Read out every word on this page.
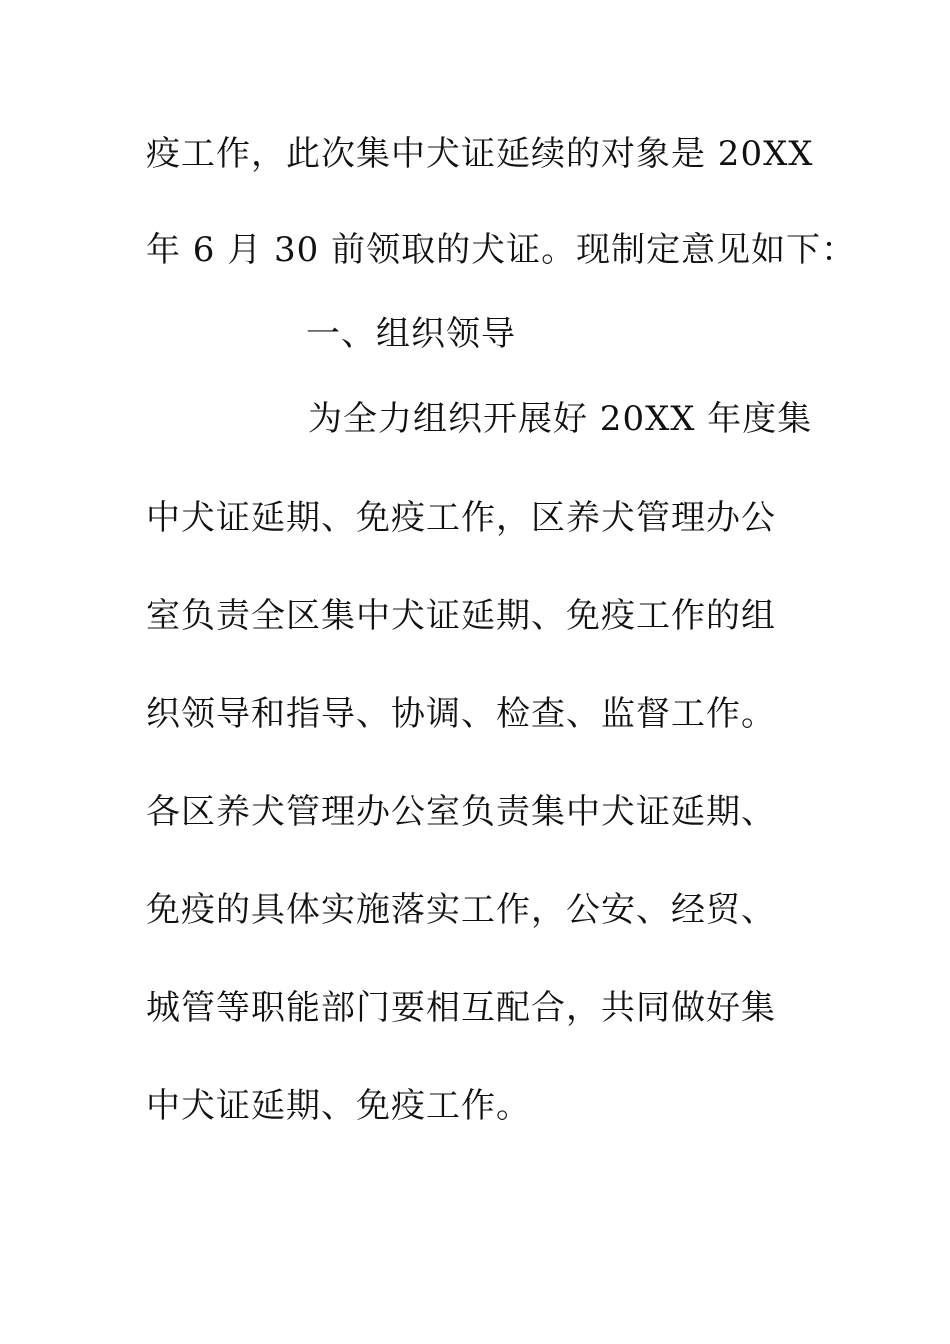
疫工作，此次集中犬证延续的对象是 20XX
年 6 月 30 前领取的犬证。现制定意见如下：
一、组织领导
为全力组织开展好 20XX 年度集
中犬证延期、免疫工作，区养犬管理办公
室负责全区集中犬证延期、免疫工作的组
织领导和指导、协调、检查、监督工作。
各区养犬管理办公室负责集中犬证延期、
免疫的具体实施落实工作，公安、经贸、
城管等职能部门要相互配合，共同做好集
中犬证延期、免疫工作。
